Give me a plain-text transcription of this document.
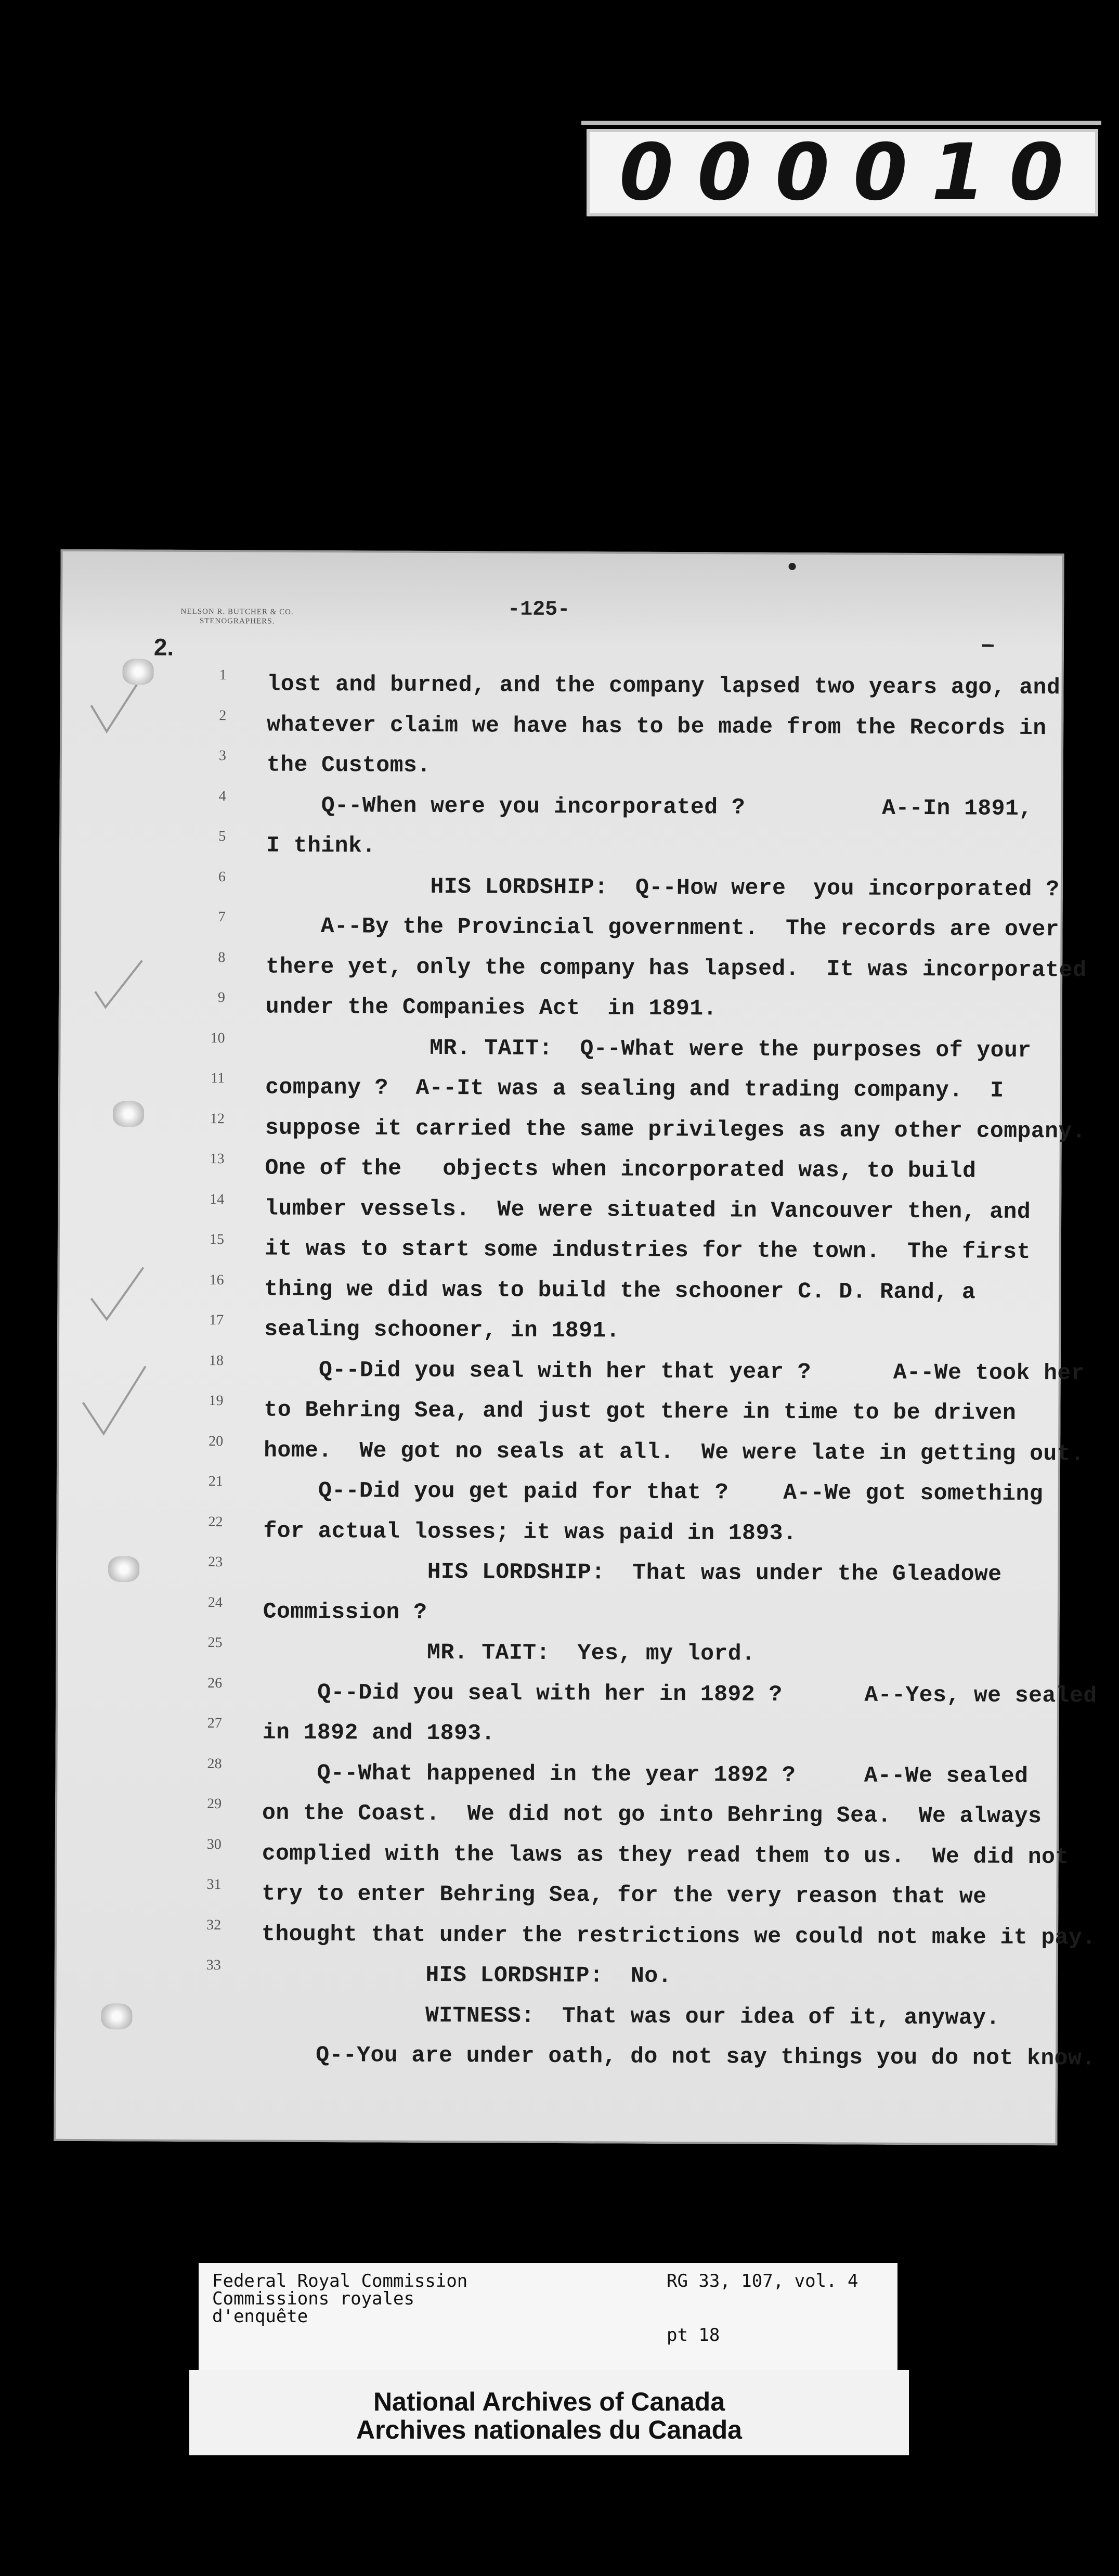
0 0 0 0 1 0
NELSON R. BUTCHER & CO.
STENOGRAPHERS.	-125-
2.
1 lost and burned, and the company lapsed two years ago, and
2 whatever claim we have has to be made from the Records in
3 the Customs.
4 Q--When were you incorporated ?          A--In 1891,
5 I think.
6 HIS LORDSHIP:  Q--How were  you incorporated ?
7 A--By the Provincial government.  The records are over
8 there yet, only the company has lapsed.  It was incorporated
9 under the Companies Act  in 1891.
10 MR. TAIT:  Q--What were the purposes of your
11 company ?  A--It was a sealing and trading company.  I
12 suppose it carried the same privileges as any other company.
13 One of the   objects when incorporated was, to build
14 lumber vessels.  We were situated in Vancouver then, and
15 it was to start some industries for the town.  The first
16 thing we did was to build the schooner C. D. Rand, a
17 sealing schooner, in 1891.
18 Q--Did you seal with her that year ?      A--We took her
19 to Behring Sea, and just got there in time to be driven
20 home.  We got no seals at all.  We were late in getting out.
21 Q--Did you get paid for that ?    A--We got something
22 for actual losses; it was paid in 1893.
23 HIS LORDSHIP:  That was under the Gleadowe
24 Commission ?
25 MR. TAIT:  Yes, my lord.
26 Q--Did you seal with her in 1892 ?      A--Yes, we sealed
27 in 1892 and 1893.
28 Q--What happened in the year 1892 ?     A--We sealed
29 on the Coast.  We did not go into Behring Sea.  We always
30 complied with the laws as they read them to us.  We did not
31 try to enter Behring Sea, for the very reason that we
32 thought that under the restrictions we could not make it pay.
33 HIS LORDSHIP:  No.
WITNESS:  That was our idea of it, anyway.
Q--You are under oath, do not say things you do not know.
Federal Royal Commission
Commissions royales
d'enquête
RG 33, 107, vol. 4
pt 18
National Archives of Canada
Archives nationales du Canada
